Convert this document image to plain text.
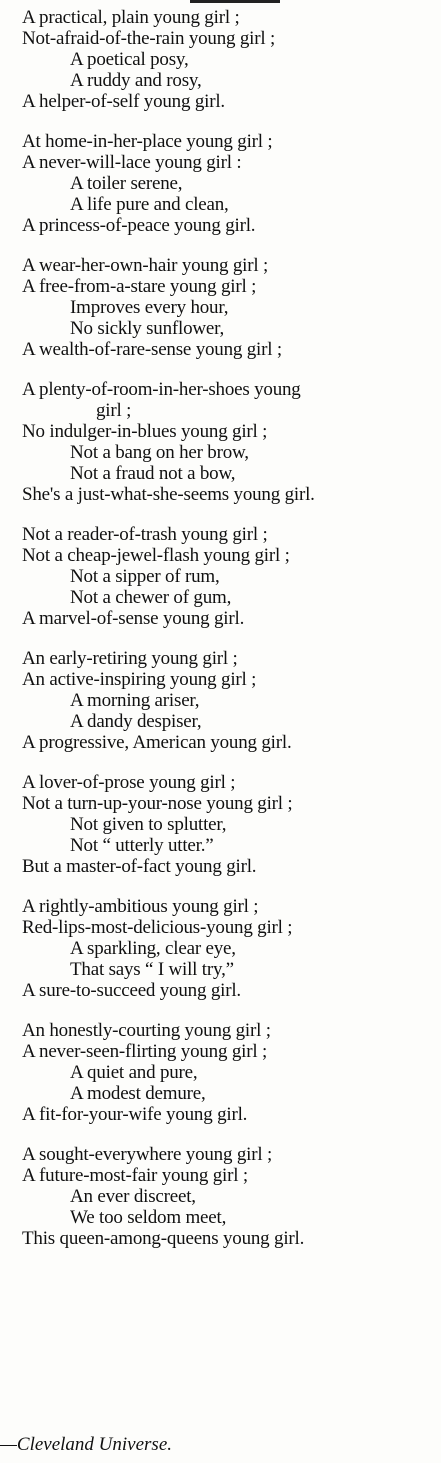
A practical, plain young girl ;
Not-afraid-of-the-rain young girl ;
A poetical posy,
A ruddy and rosy,
A helper-of-self young girl.
At home-in-her-place young girl ;
A never-will-lace young girl :
A toiler serene,
A life pure and clean,
A princess-of-peace young girl.
A wear-her-own-hair young girl ;
A free-from-a-stare young girl ;
Improves every hour,
No sickly sunflower,
A wealth-of-rare-sense young girl ;
A plenty-of-room-in-her-shoes young
girl ;
No indulger-in-blues young girl ;
Not a bang on her brow,
Not a fraud not a bow,
She's a just-what-she-seems young girl.
Not a reader-of-trash young girl ;
Not a cheap-jewel-flash young girl ;
Not a sipper of rum,
Not a chewer of gum,
A marvel-of-sense young girl.
An early-retiring young girl ;
An active-inspiring young girl ;
A morning ariser,
A dandy despiser,
A progressive, American young girl.
A lover-of-prose young girl ;
Not a turn-up-your-nose young girl ;
Not given to splutter,
Not “ utterly utter.”
But a master-of-fact young girl.
A rightly-ambitious young girl ;
Red-lips-most-delicious-young girl ;
A sparkling, clear eye,
That says “ I will try,”
A sure-to-succeed young girl.
An honestly-courting young girl ;
A never-seen-flirting young girl ;
A quiet and pure,
A modest demure,
A fit-for-your-wife young girl.
A sought-everywhere young girl ;
A future-most-fair young girl ;
An ever discreet,
We too seldom meet,
This queen-among-queens young girl.
—Cleveland Universe.
